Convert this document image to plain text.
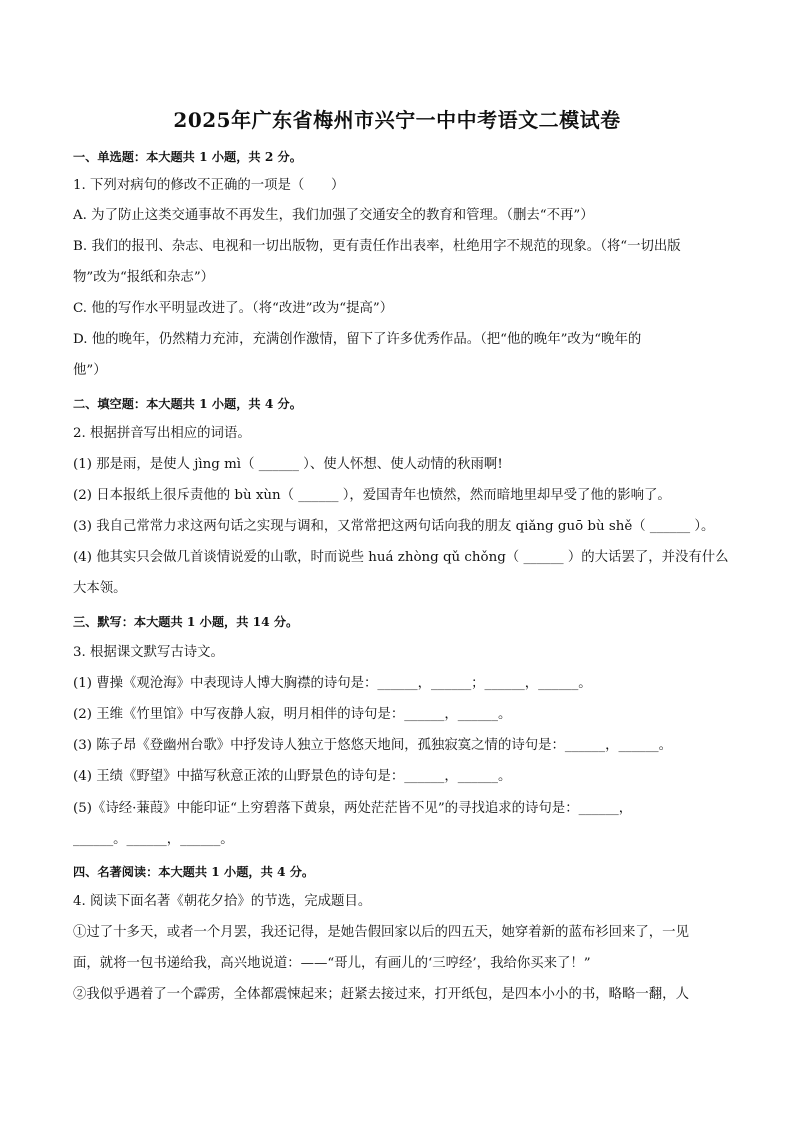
2025年广东省梅州市兴宁一中中考语文二模试卷
一、单选题：本大题共 1 小题，共 2 分。
1. 下列对病句的修改不正确的一项是（　　）
A. 为了防止这类交通事故不再发生，我们加强了交通安全的教育和管理。（删去“不再”）
B. 我们的报刊、杂志、电视和一切出版物，更有责任作出表率，杜绝用字不规范的现象。（将“一切出版
物”改为“报纸和杂志”）
C. 他的写作水平明显改进了。（将“改进”改为“提高”）
D. 他的晚年，仍然精力充沛，充满创作激情，留下了许多优秀作品。（把“他的晚年”改为“晚年的
他”）
二、填空题：本大题共 1 小题，共 4 分。
2. 根据拼音写出相应的词语。
(1) 那是雨，是使人 jìng mì（ ______ ）、使人怀想、使人动情的秋雨啊!
(2) 日本报纸上很斥责他的 bù xùn（ ______ ），爱国青年也愤然，然而暗地里却早受了他的影响了。
(3) 我自己常常力求这两句话之实现与调和，又常常把这两句话向我的朋友 qiǎng guō bù shě（ ______ ）。
(4) 他其实只会做几首谈情说爱的山歌，时而说些 huá zhòng qǔ chǒng（ ______ ）的大话罢了，并没有什么
大本领。
三、默写：本大题共 1 小题，共 14 分。
3. 根据课文默写古诗文。
(1) 曹操《观沧海》中表现诗人博大胸襟的诗句是：______，______；______，______。
(2) 王维《竹里馆》中写夜静人寂，明月相伴的诗句是：______，______。
(3) 陈子昂《登幽州台歌》中抒发诗人独立于悠悠天地间，孤独寂寞之情的诗句是：______，______。
(4) 王绩《野望》中描写秋意正浓的山野景色的诗句是：______，______。
(5)《诗经·蒹葭》中能印证“上穷碧落下黄泉，两处茫茫皆不见”的寻找追求的诗句是：______，
______。______，______。
四、名著阅读：本大题共 1 小题，共 4 分。
4. 阅读下面名著《朝花夕拾》的节选，完成题目。
①过了十多天，或者一个月罢，我还记得，是她告假回家以后的四五天，她穿着新的蓝布衫回来了，一见
面，就将一包书递给我，高兴地说道：——“哥儿，有画儿的‘三哼经’，我给你买来了！”
②我似乎遇着了一个霹雳，全体都震悚起来；赶紧去接过来，打开纸包，是四本小小的书，略略一翻，人
